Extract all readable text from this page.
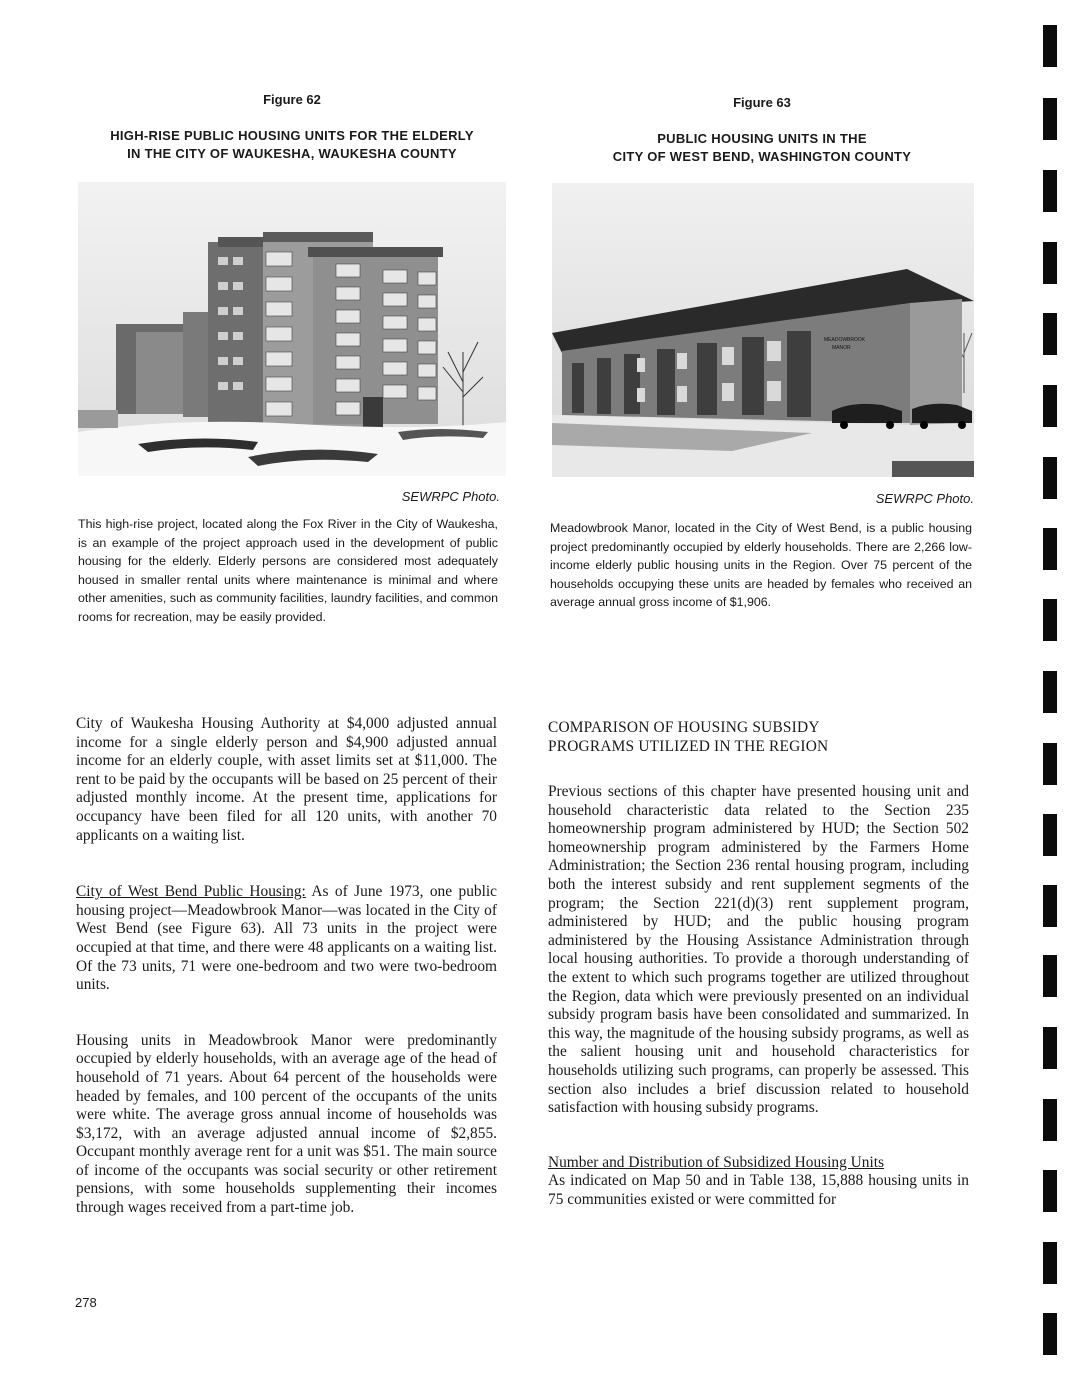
Figure 62

HIGH-RISE PUBLIC HOUSING UNITS FOR THE ELDERLY

IN THE CITY OF WAUKESHA, WAUKESHA COUNTY

SEWRPC Photo.

This high-rise project, located along the Fox River in the City of Waukesha, is an example of the project approach used in the development of public housing for the elderly. Elderly persons are considered most adequately housed in smaller rental units where maintenance is minimal and where other amenities, such as community facilities, laundry facilities, and common rooms for recreation, may be easily provided.

Figure 63

PUBLIC HOUSING UNITS IN THE

CITY OF WEST BEND, WASHINGTON COUNTY

MEADOWBROOK
MANOR
SEWRPC Photo.

Meadowbrook Manor, located in the City of West Bend, is a public housing project predominantly occupied by elderly households. There are 2,266 low-income elderly public housing units in the Region. Over 75 percent of the households occupying these units are headed by females who received an average annual gross income of $1,906.

City of Waukesha Housing Authority at $4,000 adjusted annual income for a single elderly person and $4,900 adjusted annual income for an elderly couple, with asset limits set at $11,000. The rent to be paid by the occupants will be based on 25 percent of their adjusted monthly income. At the present time, applications for occupancy have been filed for all 120 units, with another 70 applicants on a waiting list.

City of West Bend Public Housing: As of June 1973, one public housing project—Meadowbrook Manor—was located in the City of West Bend (see Figure 63). All 73 units in the project were occupied at that time, and there were 48 applicants on a waiting list. Of the 73 units, 71 were one-bedroom and two were two-bedroom units.

Housing units in Meadowbrook Manor were predominantly occupied by elderly households, with an average age of the head of household of 71 years. About 64 percent of the households were headed by females, and 100 percent of the occupants of the units were white. The average gross annual income of households was $3,172, with an average adjusted annual income of $2,855. Occupant monthly average rent for a unit was $51. The main source of income of the occupants was social security or other retirement pensions, with some households supplementing their incomes through wages received from a part-time job.

COMPARISON OF HOUSING SUBSIDY

PROGRAMS UTILIZED IN THE REGION

Previous sections of this chapter have presented housing unit and household characteristic data related to the Section 235 homeownership program administered by HUD; the Section 502 homeownership program administered by the Farmers Home Administration; the Section 236 rental housing program, including both the interest subsidy and rent supplement segments of the program; the Section 221(d)(3) rent supplement program, administered by HUD; and the public housing program administered by the Housing Assistance Administration through local housing authorities. To provide a thorough understanding of the extent to which such programs together are utilized throughout the Region, data which were previously presented on an individual subsidy program basis have been consolidated and summarized. In this way, the magnitude of the housing subsidy programs, as well as the salient housing unit and household characteristics for households utilizing such programs, can properly be assessed. This section also includes a brief discussion related to household satisfaction with housing subsidy programs.

Number and Distribution of Subsidized Housing Units

As indicated on Map 50 and in Table 138, 15,888 housing units in 75 communities existed or were committed for

278
